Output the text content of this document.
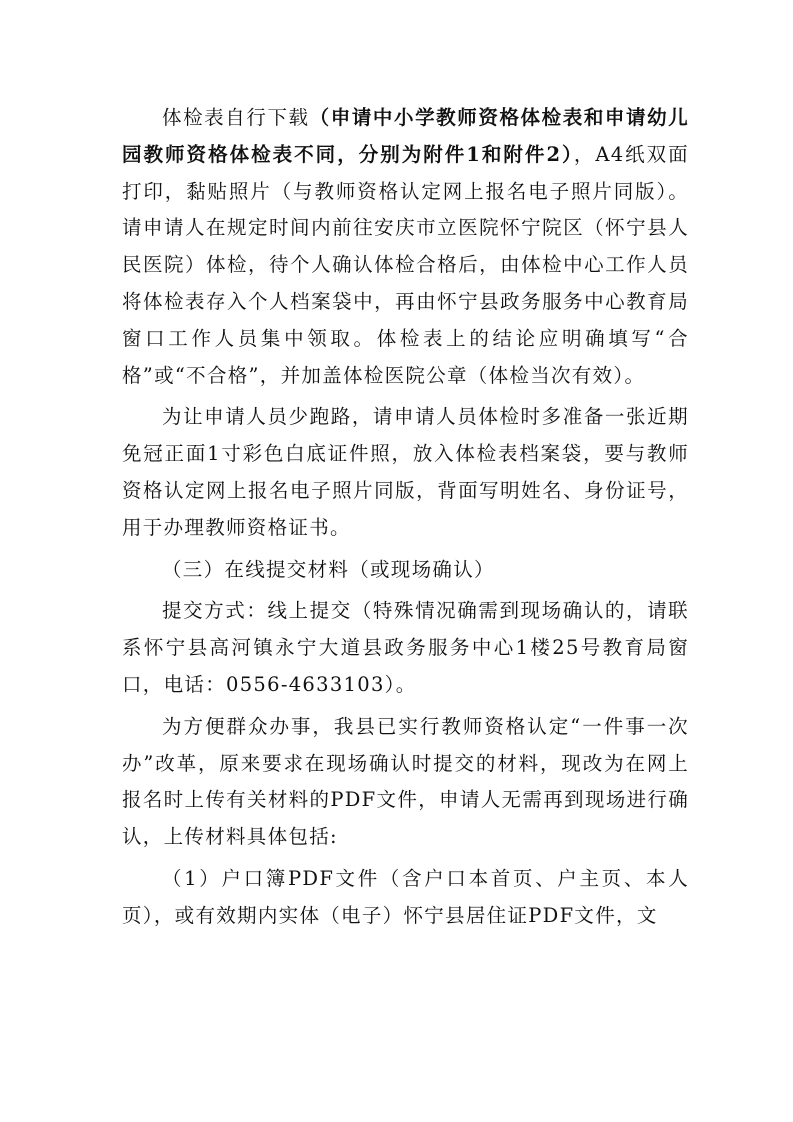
体检表自行下载（申请中小学教师资格体检表和申请幼儿园教师资格体检表不同，分别为附件1和附件2），A4纸双面打印，黏贴照片（与教师资格认定网上报名电子照片同版）。请申请人在规定时间内前往安庆市立医院怀宁院区（怀宁县人民医院）体检，待个人确认体检合格后，由体检中心工作人员将体检表存入个人档案袋中，再由怀宁县政务服务中心教育局窗口工作人员集中领取。体检表上的结论应明确填写“合格”或“不合格”，并加盖体检医院公章（体检当次有效）。

为让申请人员少跑路，请申请人员体检时多准备一张近期免冠正面1寸彩色白底证件照，放入体检表档案袋，要与教师资格认定网上报名电子照片同版，背面写明姓名、身份证号，用于办理教师资格证书。

（三）在线提交材料（或现场确认）

提交方式：线上提交（特殊情况确需到现场确认的，请联系怀宁县高河镇永宁大道县政务服务中心1楼25号教育局窗口，电话：0556-4633103）。

为方便群众办事，我县已实行教师资格认定“一件事一次办”改革，原来要求在现场确认时提交的材料，现改为在网上报名时上传有关材料的PDF文件，申请人无需再到现场进行确认，上传材料具体包括:

（1）户口簿PDF文件（含户口本首页、户主页、本人页），或有效期内实体（电子）怀宁县居住证PDF文件，文
